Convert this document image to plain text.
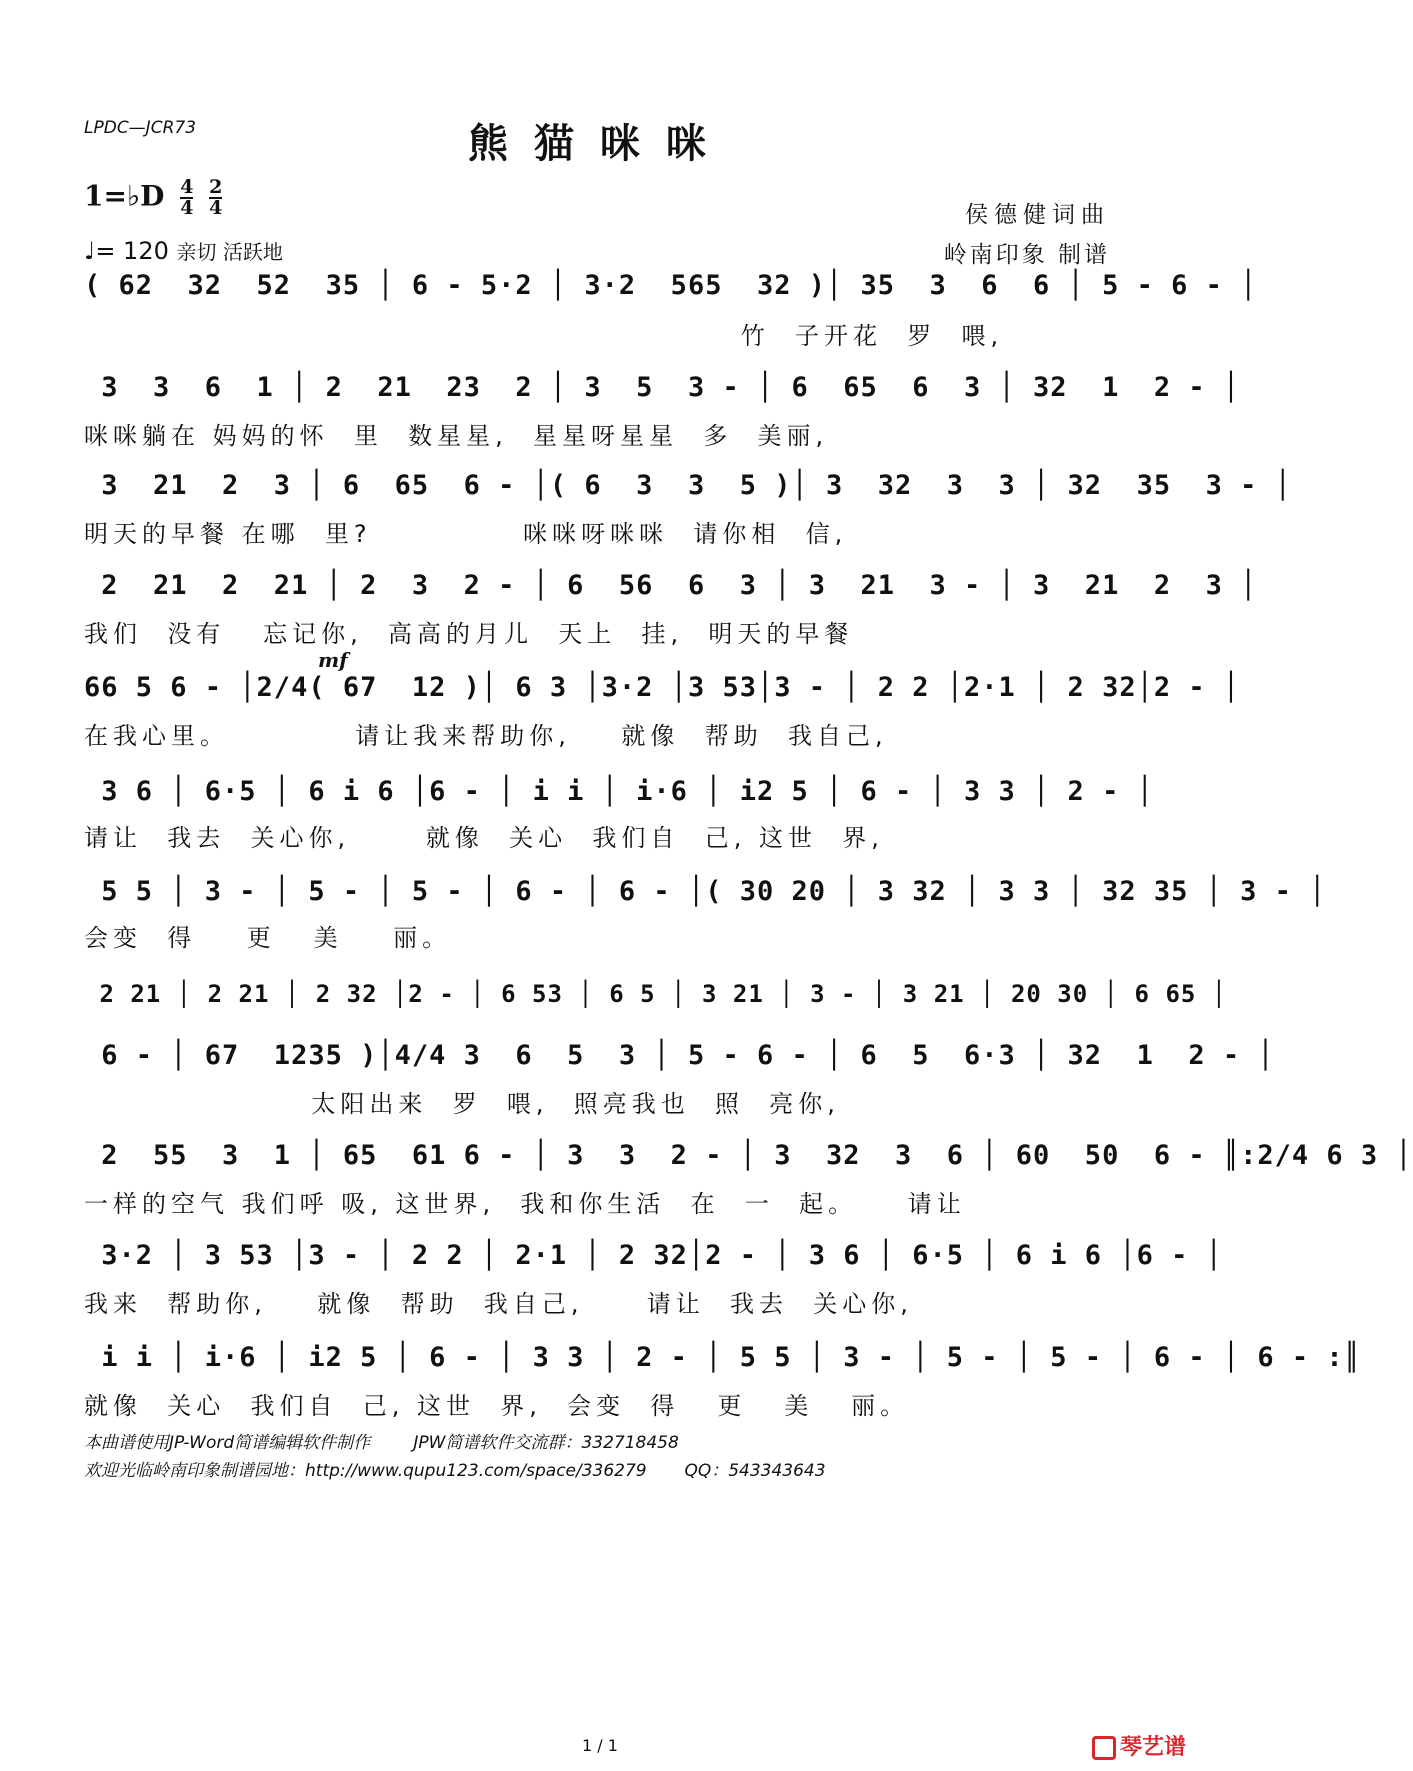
LPDC—JCR73	熊猫咪咪
1=♭D $\frac{4}{4}$
$\frac{2}{4}$
♩= 120 亲切 活跃地
侯德健词曲
岭南印象 制谱
( 62  32  52  35 │ 6 - 5·2 │ 3·2  565  32 )│ 35  3  6  6 │ 5 - 6 - │
竹  子开花  罗  喂,
3  3  6  1 │ 2  21  23  2 │ 3  5  3 - │ 6  65  6  3 │ 32  1  2 - │
咪咪躺在 妈妈的怀  里  数星星,  星星呀星星  多  美丽,
3  21  2  3 │ 6  65  6 - │( 6  3  3  5 )│ 3  32  3  3 │ 32  35  3 - │
明天的早餐 在哪  里?            咪咪呀咪咪  请你相  信,
2  21  2  21 │ 2  3  2 - │ 6  56  6  3 │ 3  21  3 - │ 3  21  2  3 │
我们  没有   忘记你,  高高的月儿  天上  挂,  明天的早餐
mf
66 5 6 - │2/4( 67  12 )│ 6 3 │3·2 │3 53│3 - │ 2 2 │2·1 │ 2 32│2 - │
在我心里。          请让我来帮助你,    就像  帮助  我自己,
3 6 │ 6·5 │ 6 i 6 │6 - │ i i │ i·6 │ i2 5 │ 6 - │ 3 3 │ 2 - │
请让  我去  关心你,      就像  关心  我们自  己, 这世  界,
5 5 │ 3 - │ 5 - │ 5 - │ 6 - │ 6 - │( 30 20 │ 3 32 │ 3 3 │ 32 35 │ 3 - │
会变  得    更   美    丽。
2 21 │ 2 21 │ 2 32 │2 - │ 6 53 │ 6 5 │ 3 21 │ 3 - │ 3 21 │ 20 30 │ 6 65 │
6 - │ 67  1235 )│4/4 3  6  5  3 │ 5 - 6 - │ 6  5  6·3 │ 32  1  2 - │
太阳出来  罗  喂,  照亮我也  照  亮你,
2  55  3  1 │ 65  61 6 - │ 3  3  2 - │ 3  32  3  6 │ 60  50  6 - ║:2/4 6 3 │
一样的空气 我们呼 吸, 这世界,  我和你生活  在  一  起。    请让
3·2 │ 3 53 │3 - │ 2 2 │ 2·1 │ 2 32│2 - │ 3 6 │ 6·5 │ 6 i 6 │6 - │
我来  帮助你,    就像  帮助  我自己,     请让  我去  关心你,
i i │ i·6 │ i2 5 │ 6 - │ 3 3 │ 2 - │ 5 5 │ 3 - │ 5 - │ 5 - │ 6 - │ 6 - :║
就像  关心  我们自  己, 这世  界,  会变  得   更   美   丽。
本曲谱使用JP-Word简谱编辑软件制作        JPW简谱软件交流群：332718458
欢迎光临岭南印象制谱园地：http://www.qupu123.com/space/336279       QQ：543343643
1 / 1	琴艺谱
